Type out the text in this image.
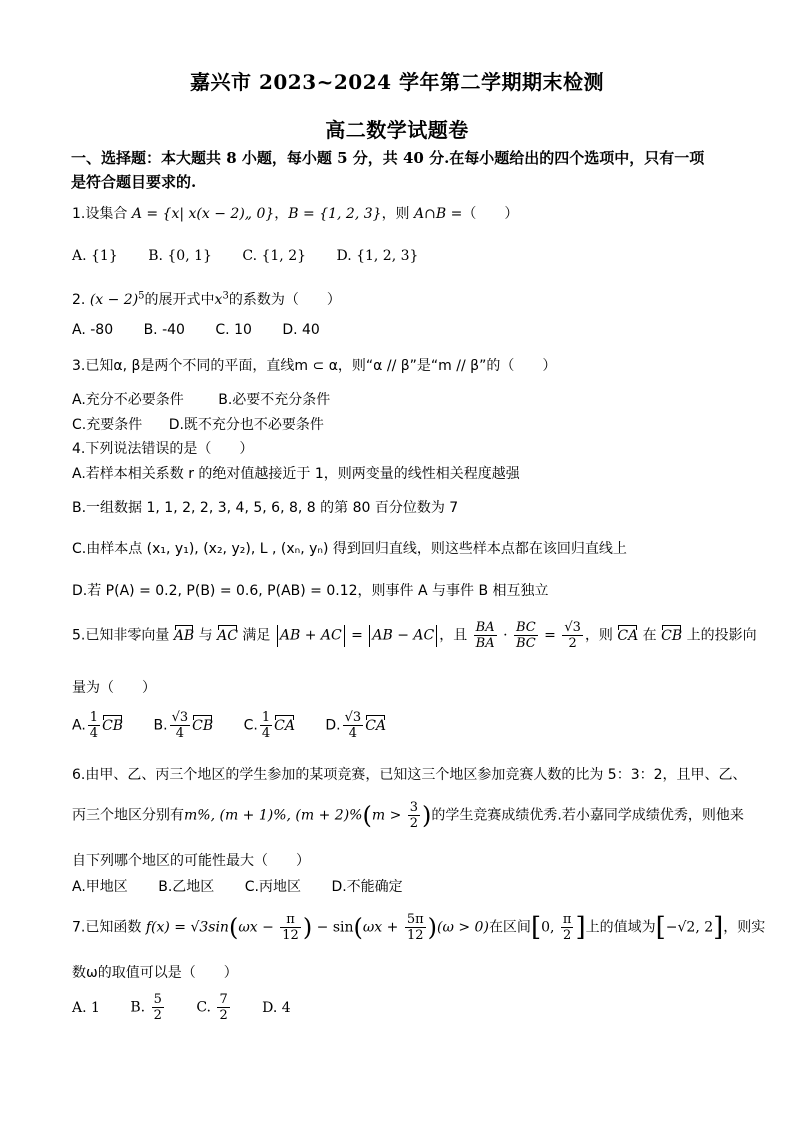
嘉兴市 2023~2024 学年第二学期期末检测
高二数学试题卷
一、选择题：本大题共 8 小题，每小题 5 分，共 40 分.在每小题给出的四个选项中，只有一项
是符合题目要求的.
1.设集合 A = {x| x(x − 2)„ 0}，B = {1, 2, 3}，则 A∩B =（　　）
A. {1} B. {0, 1} C. {1, 2} D. {1, 2, 3}
2. $(x - 2)^5$的展开式中$x^3$的系数为（　　）
A. -80 B. -40 C. 10 D. 40
3.已知α, β是两个不同的平面，直线m ⊂ α，则“α // β”是“m // β”的（　　）
A.充分不必要条件 B.必要不充分条件
C.充要条件 D.既不充分也不必要条件
4.下列说法错误的是（　　）
A.若样本相关系数 r 的绝对值越接近于 1，则两变量的线性相关程度越强
B.一组数据 1, 1, 2, 2, 3, 4, 5, 6, 8, 8 的第 80 百分位数为 7
C.由样本点 (x₁, y₁), (x₂, y₂), L , (xₙ, yₙ) 得到回归直线，则这些样本点都在该回归直线上
D.若 P(A) = 0.2, P(B) = 0.6, P(AB) = 0.12，则事件 A 与事件 B 相互独立
5.已知非零向量 AB 与 AC 满足 AB + AC = AB − AC ，且 $\frac{BA}{BA} \cdot \frac{BC}{BC} = \frac{√3}{2}$ ，则 CA 在 CB 上的投影向
量为（　　）
A. $\frac{1}{4}$ CB B. $\frac{√3}{4}$ CB C. $\frac{1}{4}$ CA D. $\frac{√3}{4}$ CA
6.由甲、乙、丙三个地区的学生参加的某项竞赛，已知这三个地区参加竞赛人数的比为 5：3：2，且甲、乙、
丙三个地区分别有m%, (m + 1)%, $(m + 2)\%(m > \frac{3}{2}$ )的学生竞赛成绩优秀.若小嘉同学成绩优秀，则他来
自下列哪个地区的可能性最大（　　）
A.甲地区 B.乙地区 C.丙地区 D.不能确定
7.已知函数 $f(x) = √3\sin(\omega x - \frac{\pi}{12}$ ) − $\sin(\omega x + \frac{5\pi}{12} )(\omega > 0)$在区间[0, $\frac{\pi}{2}$ ]上的值域为[−√2, 2]，则实
数ω的取值可以是（　　）
A. 1 B. $\frac{5}{2} C$. $\frac{7}{2} D$. 4
